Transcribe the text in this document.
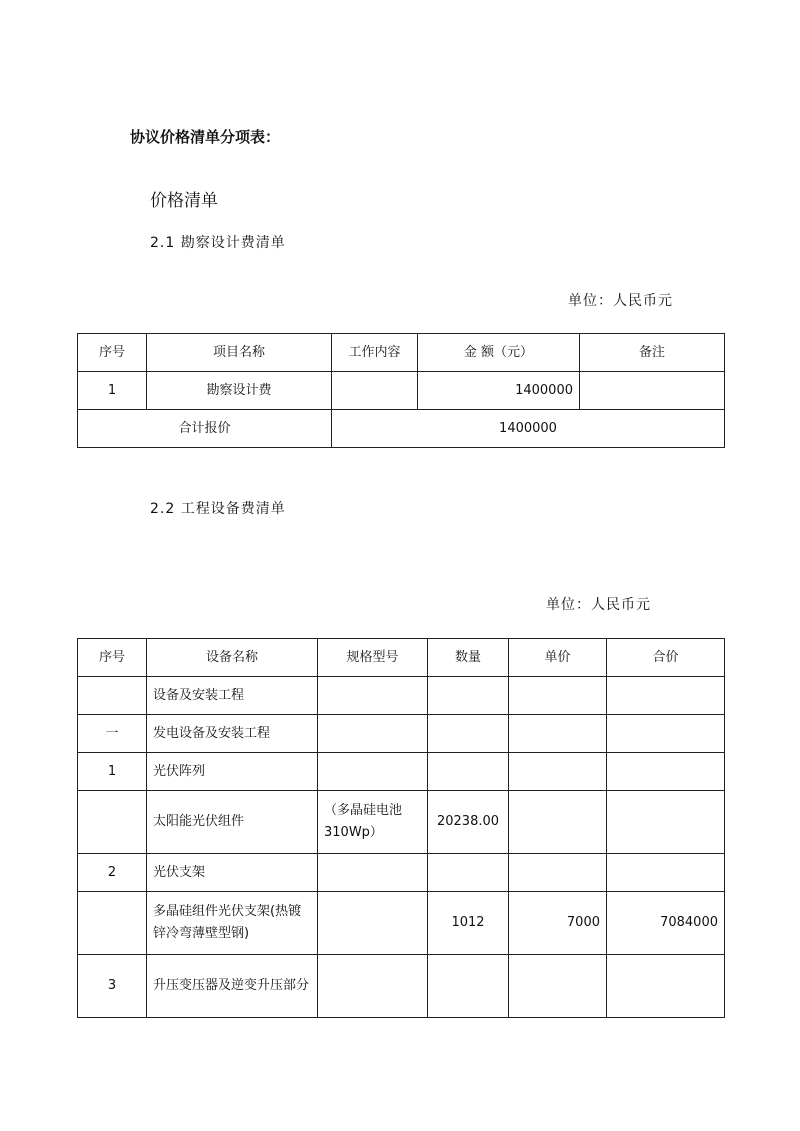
协议价格清单分项表：
价格清单
2.1 勘察设计费清单
单位：人民币元
序号	项目名称	工作内容	金 额（元）	备注
1	勘察设计费		1400000	
合计报价		1400000		
2.2 工程设备费清单
单位：人民币元
序号	设备名称	规格型号	数量	单价	合价
	设备及安装工程				
一	发电设备及安装工程				
1	光伏阵列				
	太阳能光伏组件	（多晶硅电池310Wp）	20238.00		
2	光伏支架				
	多晶硅组件光伏支架(热镀锌冷弯薄壁型钢)		1012	7000	7084000
3	升压变压器及逆变升压部分				
